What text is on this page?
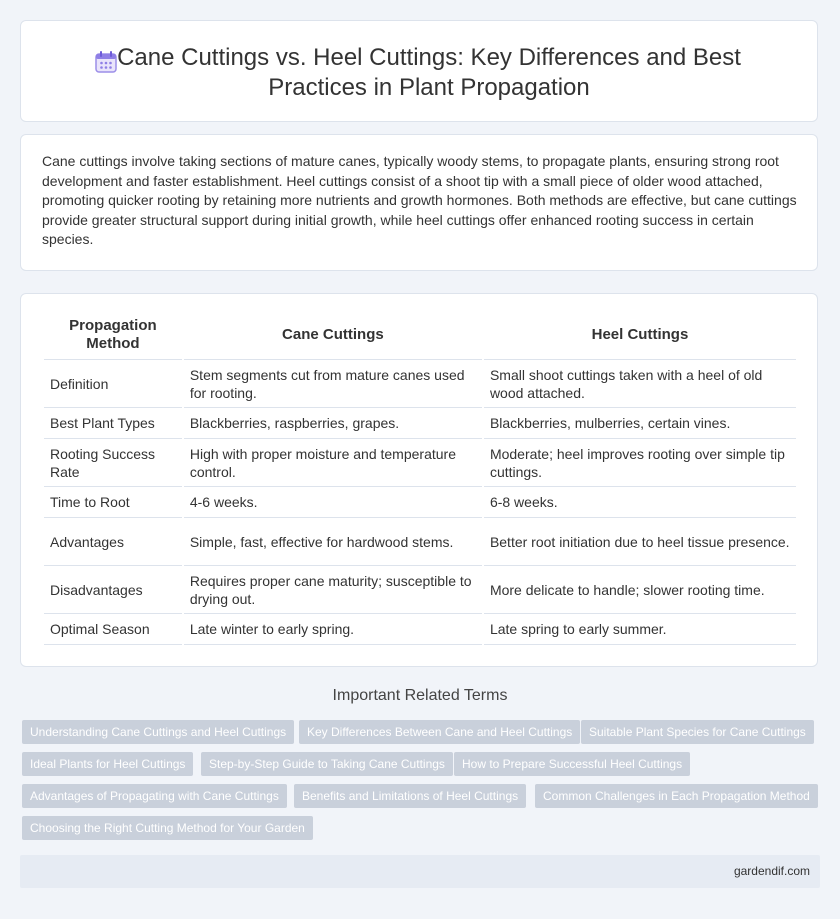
Cane Cuttings vs. Heel Cuttings: Key Differences and Best Practices in Plant Propagation

Cane cuttings involve taking sections of mature canes, typically woody stems, to propagate plants, ensuring strong root development and faster establishment. Heel cuttings consist of a shoot tip with a small piece of older wood attached, promoting quicker rooting by retaining more nutrients and growth hormones. Both methods are effective, but cane cuttings provide greater structural support during initial growth, while heel cuttings offer enhanced rooting success in certain species.

Propagation Method	Cane Cuttings	Heel Cuttings
Definition	Stem segments cut from mature canes used for rooting.	Small shoot cuttings taken with a heel of old wood attached.
Best Plant Types	Blackberries, raspberries, grapes.	Blackberries, mulberries, certain vines.
Rooting Success Rate	High with proper moisture and temperature control.	Moderate; heel improves rooting over simple tip cuttings.
Time to Root	4-6 weeks.	6-8 weeks.
Advantages	Simple, fast, effective for hardwood stems.	Better root initiation due to heel tissue presence.
Disadvantages	Requires proper cane maturity; susceptible to drying out.	More delicate to handle; slower rooting time.
Optimal Season	Late winter to early spring.	Late spring to early summer.
Important Related Terms
Understanding Cane Cuttings and Heel Cuttings	Key Differences Between Cane and Heel Cuttings	Suitable Plant Species for Cane Cuttings
Ideal Plants for Heel Cuttings	Step-by-Step Guide to Taking Cane Cuttings	How to Prepare Successful Heel Cuttings
Advantages of Propagating with Cane Cuttings	Benefits and Limitations of Heel Cuttings	Common Challenges in Each Propagation Method
Choosing the Right Cutting Method for Your Garden
gardendif.com
